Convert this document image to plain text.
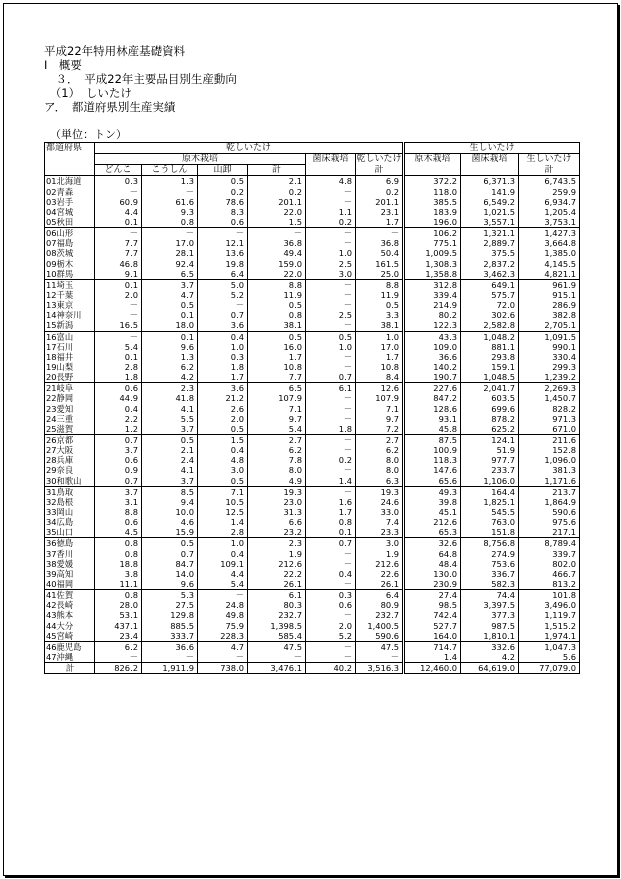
平成22年特用林産基礎資料
Ⅰ　概要
　３．　平成22年主要品目別生産動向
　（1）　しいたけ
ア．　都道府県別生産実績
（単位：トン）
都道府県	乾しいたけ						生しいたけ		
	原木栽培				菌床栽培	乾しいたけ	原木栽培	菌床栽培	生しいたけ
	どんこ	こうしん	山卸	計		計			計
01北海道	0.3	1.3	0.5	2.1	4.8	6.9	372.2	6,371.3	6,743.5
02青森	－	－	0.2	0.2	－	0.2	118.0	141.9	259.9
03岩手	60.9	61.6	78.6	201.1	－	201.1	385.5	6,549.2	6,934.7
04宮城	4.4	9.3	8.3	22.0	1.1	23.1	183.9	1,021.5	1,205.4
05秋田	0.1	0.8	0.6	1.5	0.2	1.7	196.0	3,557.1	3,753.1
06山形	－	－	－	－	－	－	106.2	1,321.1	1,427.3
07福島	7.7	17.0	12.1	36.8	－	36.8	775.1	2,889.7	3,664.8
08茨城	7.7	28.1	13.6	49.4	1.0	50.4	1,009.5	375.5	1,385.0
09栃木	46.8	92.4	19.8	159.0	2.5	161.5	1,308.3	2,837.2	4,145.5
10群馬	9.1	6.5	6.4	22.0	3.0	25.0	1,358.8	3,462.3	4,821.1
11埼玉	0.1	3.7	5.0	8.8	－	8.8	312.8	649.1	961.9
12千葉	2.0	4.7	5.2	11.9	－	11.9	339.4	575.7	915.1
13東京	－	0.5	－	0.5	－	0.5	214.9	72.0	286.9
14神奈川	－	0.1	0.7	0.8	2.5	3.3	80.2	302.6	382.8
15新潟	16.5	18.0	3.6	38.1	－	38.1	122.3	2,582.8	2,705.1
16富山	－	0.1	0.4	0.5	0.5	1.0	43.3	1,048.2	1,091.5
17石川	5.4	9.6	1.0	16.0	1.0	17.0	109.0	881.1	990.1
18福井	0.1	1.3	0.3	1.7	－	1.7	36.6	293.8	330.4
19山梨	2.8	6.2	1.8	10.8	－	10.8	140.2	159.1	299.3
20長野	1.8	4.2	1.7	7.7	0.7	8.4	190.7	1,048.5	1,239.2
21岐阜	0.6	2.3	3.6	6.5	6.1	12.6	227.6	2,041.7	2,269.3
22静岡	44.9	41.8	21.2	107.9	－	107.9	847.2	603.5	1,450.7
23愛知	0.4	4.1	2.6	7.1	－	7.1	128.6	699.6	828.2
24三重	2.2	5.5	2.0	9.7	－	9.7	93.1	878.2	971.3
25滋賀	1.2	3.7	0.5	5.4	1.8	7.2	45.8	625.2	671.0
26京都	0.7	0.5	1.5	2.7	－	2.7	87.5	124.1	211.6
27大阪	3.7	2.1	0.4	6.2	－	6.2	100.9	51.9	152.8
28兵庫	0.6	2.4	4.8	7.8	0.2	8.0	118.3	977.7	1,096.0
29奈良	0.9	4.1	3.0	8.0	－	8.0	147.6	233.7	381.3
30和歌山	0.7	3.7	0.5	4.9	1.4	6.3	65.6	1,106.0	1,171.6
31鳥取	3.7	8.5	7.1	19.3	－	19.3	49.3	164.4	213.7
32島根	3.1	9.4	10.5	23.0	1.6	24.6	39.8	1,825.1	1,864.9
33岡山	8.8	10.0	12.5	31.3	1.7	33.0	45.1	545.5	590.6
34広島	0.6	4.6	1.4	6.6	0.8	7.4	212.6	763.0	975.6
35山口	4.5	15.9	2.8	23.2	0.1	23.3	65.3	151.8	217.1
36徳島	0.8	0.5	1.0	2.3	0.7	3.0	32.6	8,756.8	8,789.4
37香川	0.8	0.7	0.4	1.9	－	1.9	64.8	274.9	339.7
38愛媛	18.8	84.7	109.1	212.6	－	212.6	48.4	753.6	802.0
39高知	3.8	14.0	4.4	22.2	0.4	22.6	130.0	336.7	466.7
40福岡	11.1	9.6	5.4	26.1	－	26.1	230.9	582.3	813.2
41佐賀	0.8	5.3	－	6.1	0.3	6.4	27.4	74.4	101.8
42長崎	28.0	27.5	24.8	80.3	0.6	80.9	98.5	3,397.5	3,496.0
43熊本	53.1	129.8	49.8	232.7	－	232.7	742.4	377.3	1,119.7
44大分	437.1	885.5	75.9	1,398.5	2.0	1,400.5	527.7	987.5	1,515.2
45宮崎	23.4	333.7	228.3	585.4	5.2	590.6	164.0	1,810.1	1,974.1
46鹿児島	6.2	36.6	4.7	47.5	－	47.5	714.7	332.6	1,047.3
47沖縄	－	－	－	－	－	－	1.4	4.2	5.6
計	826.2	1,911.9	738.0	3,476.1	40.2	3,516.3	12,460.0	64,619.0	77,079.0
